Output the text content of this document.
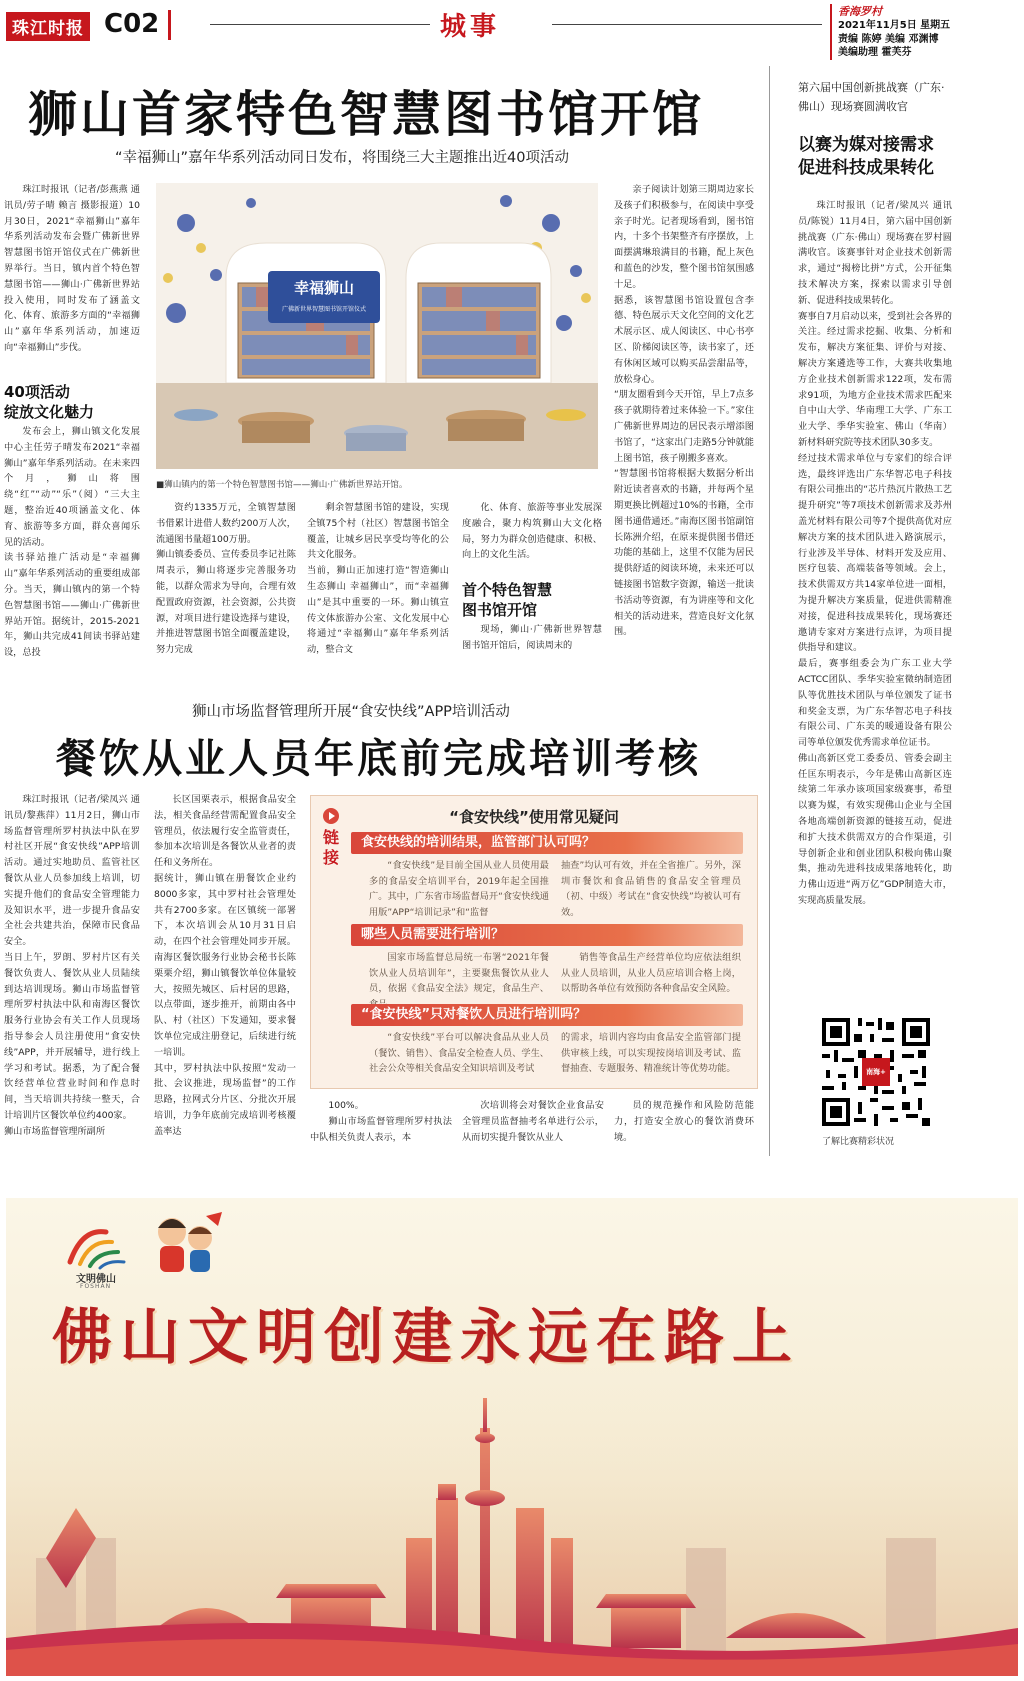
珠江时报 C02	城事
香海罗村
2021年11月5日 星期五
责编 陈婷 美编 邓渊博
美编助理 霍芙芬
狮山首家特色智慧图书馆开馆
“幸福狮山”嘉年华系列活动同日发布，将围绕三大主题推出近40项活动

珠江时报讯（记者/彭燕燕 通讯员/劳子晴 赖言 摄影报道）10月30日，2021“幸福狮山”嘉年华系列活动发布会暨广佛新世界智慧图书馆开馆仪式在广佛新世界举行。当日，镇内首个特色智慧图书馆——狮山·广佛新世界站投入使用，同时发布了涵盖文化、体育、旅游多方面的“幸福狮山”嘉年华系列活动，加速迈向“幸福狮山”步伐。

40项活动
绽放文化魅力

发布会上，狮山镇文化发展中心主任劳子晴发布2021“幸福狮山”嘉年华系列活动。在未来四个月，狮山将围绕“红”“动”“乐”（阅）“三大主题，整治近40项涵盖文化、体育、旅游等多方面，群众喜闻乐见的活动。
读书驿站推广活动是“幸福狮山”嘉年华系列活动的重要组成部分。当天，狮山镇内的第一个特色智慧图书馆——狮山·广佛新世界站开馆。据统计，2015-2021年，狮山共完成41间读书驿站建设，总投

幸福狮山
广佛新世界智慧图书馆开馆仪式
■狮山镇内的第一个特色智慧图书馆——狮山·广佛新世界站开馆。

资约1335万元，全镇智慧图书借累计进借人数约200万人次，流通图书量超100万册。
狮山镇委委员、宣传委员李记社陈周表示，狮山将逐步完善服务功能，以群众需求为导向，合理有效配置政府资源，社会资源，公共资源，对项目进行建设选择与建设，并推进智慧图书馆全面覆盖建设，努力完成

剩余智慧图书馆的建设，实现全镇75个村（社区）智慧图书馆全覆盖，让城乡居民享受均等化的公共文化服务。
当前，狮山正加速打造“智造狮山 生态狮山 幸福狮山”，而“幸福狮山”是其中重要的一环。狮山镇宣传文体旅游办公室、文化发展中心将通过“幸福狮山”嘉年华系列活动，整合文

化、体育、旅游等事业发展深度融合，聚力构筑狮山大文化格局，努力为群众创造健康、积极、向上的文化生活。

首个特色智慧
图书馆开馆

现场，狮山·广佛新世界智慧图书馆开馆后，阅读周末的

亲子阅读计划第三期周边家长及孩子们积极参与，在阅读中享受亲子时光。记者现场看到，图书馆内，十多个书架整齐有序摆放，上面摆满琳琅满目的书籍，配上灰色和蓝色的沙发，整个图书馆氛围感十足。
据悉，该智慧图书馆设置包含李德、特色展示天文化空间的文化艺术展示区、成人阅读区、中心书亭区、阶梯阅读区等，读书家了，还有休闲区域可以购买品尝甜品等，放松身心。
“朋友圈看到今天开馆，早上7点多孩子就期待着过来体验一下。”家住广佛新世界周边的居民表示增添图书馆了，“这家出门走路5分钟就能上图书馆，孩子刚搬多喜欢。
“智慧图书馆将根据大数据分析出附近读者喜欢的书籍，并每两个星期更换比例超过10%的书籍，全市图书通借通还。”南海区图书馆副馆长陈洲介绍，在原来提供图书借还功能的基础上，这里不仅能为居民提供舒适的阅读环境，未来还可以链接图书馆数字资源，输送一批读书活动等资源，有为讲座等和文化相关的活动进来，营造良好文化氛围。

第六届中国创新挑战赛（广东·佛山）现场赛圆满收官
以赛为媒对接需求
促进科技成果转化

珠江时报讯（记者/梁凤兴 通讯员/陈锐）11月4日，第六届中国创新挑战赛（广东·佛山）现场赛在罗村圆满收官。该赛事针对企业技术创新需求，通过“揭榜比拼”方式，公开征集技术解决方案，探索以需求引导创新、促进科技成果转化。
赛事自7月启动以来，受到社会各界的关注。经过需求挖掘、收集、分析和发布，解决方案征集、评价与对接、解决方案遴选等工作，大赛共收集地方企业技术创新需求122项，发布需求91项，为地方企业技术需求匹配来自中山大学、华南理工大学、广东工业大学、季华实验室、佛山（华南）新材料研究院等技术团队30多支。
经过技术需求单位与专家们的综合评选，最终评选出广东华智芯电子科技有限公司推出的“芯片热沉片散热工艺提升研究”等7项技术创新需求及苏州盖光材料有限公司等7个提供高优对应解决方案的技术团队进入路演展示，行业涉及半导体、材料开发及应用、医疗包装、高端装备等领域。会上，技术供需双方共14家单位进一面相，为提升解决方案质量，促进供需精准对接，促进科技成果转化，现场赛还邀请专家对方案进行点评，为项目提供指导和建议。
最后，赛事组委会为广东工业大学ACTCC团队、季华实验室微纳制造团队等优胜技术团队与单位颁发了证书和奖金支票，为广东华智芯电子科技有限公司、广东美的暖通设备有限公司等单位颁发优秀需求单位证书。
佛山高新区党工委委员、管委会副主任匡东明表示，今年是佛山高新区连续第二年承办该项国家级赛事，希望以赛为媒，有效实现佛山企业与全国各地高端创新资源的链接互动，促进和扩大技术供需双方的合作渠道，引导创新企业和创业团队积极向佛山聚集，推动先进科技成果落地转化，助力佛山迈进“两万亿”GDP制造大市，实现高质量发展。

南海+
了解比赛精彩状况
狮山市场监督管理所开展“食安快线”APP培训活动
餐饮从业人员年底前完成培训考核

珠江时报讯（记者/梁凤兴 通讯员/黎燕萍）11月2日，狮山市场监督管理所罗村执法中队在罗村社区开展“食安快线”APP培训活动。通过实地助员、监管社区餐饮从业人员参加线上培训，切实提升他们的食品安全管理能力及知识水平，进一步提升食品安全社会共建共治，保障市民食品安全。
当日上午，罗朗、罗村片区有关餐饮负责人、餐饮从业人员陆续到达培训现场。狮山市场监督管理所罗村执法中队和南海区餐饮服务行业协会有关工作人员现场指导参会人员注册使用“食安快线”APP，并开展辅导，进行线上学习和考试。据悉，为了配合餐饮经营单位营业时间和作息时间，当天培训共持续一整天，合计培训片区餐饮单位约400家。
狮山市场监督管理所副所

长区国栗表示，根据食品安全法，相关食品经营需配置食品安全管理员，依法履行安全监管责任，参加本次培训是各餐饮从业者的责任和义务所在。
据统计，狮山镇在册餐饮企业约8000多家，其中罗村社会管理处共有2700多家。在区镇统一部署下，本次培训会从10月31日启动，在四个社会管理处同步开展。南海区餐饮服务行业协会秘书长陈栗栗介绍，狮山镇餐饮单位体量较大，按照先城区、后村居的思路，以点带面，逐步推开，前期由各中队、村（社区）下发通知，要求餐饮单位完成注册登记，后续进行统一培训。
其中，罗村执法中队按照“发动一批、会议推进，现场监督”的工作思路，拉网式分片区、分批次开展培训，力争年底前完成培训考核覆盖率达

100%。

狮山市场监督管理所罗村执法中队相关负责人表示，本

次培训将会对餐饮企业食品安全管理员监督抽考名单进行公示，从而切实提升餐饮从业人

员的规范操作和风险防范能力，打造安全放心的餐饮消费环境。

链接
“食安快线”使用常见疑问
食安快线的培训结果，监管部门认可吗？

“食安快线”是目前全国从业人员使用最多的食品安全培训平台，2019年起全国推广。其中，广东省市场监督局开“食安快线通用版”APP“培训记录”和“监督

抽查”均认可有效，并在全省推广。另外，深圳市餐饮和食品销售的食品安全管理员（初、中级）考试在“食安快线”均被认可有效。

哪些人员需要进行培训？

国家市场监督总局统一布署“2021年餐饮从业人员培训年”，主要聚焦餐饮从业人员，依据《食品安全法》规定，食品生产、

销售等食品生产经营单位均应依法组织从业人员培训，从业人员应培训合格上岗，以帮助各单位有效预防各种食品安全风险。

“食安快线”只对餐饮人员进行培训吗？

“食安快线”平台可以解决食品从业人员（餐饮、销售）、食品安全检查人员、学生、社会公众等相关食品安全知识培训及考试

的需求，培训内容均由食品安全监管部门提供审核上线，可以实现按岗培训及考试、监督抽查、专题服务、精准统计等优势功能。

文明佛山
FOSHAN
佛山文明创建永远在路上
